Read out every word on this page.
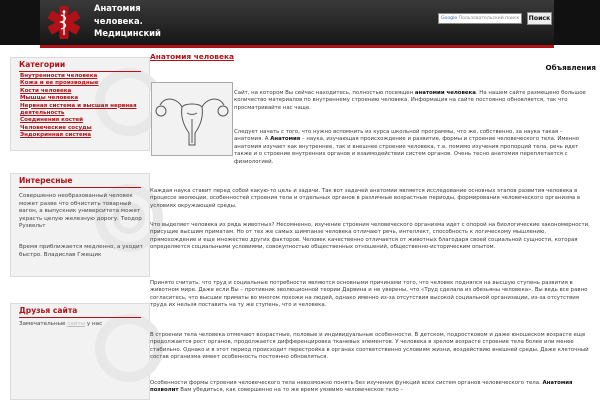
Анатомия
человека.
Медицинский
Google Пользовательский поиск	Поиск
Категории
Внутренности человека
Кожа и ее производные
Кости человека
Мышцы человека
Нервная система и высшая нервная деятельность
Соединения костей
Человеческие сосуды
Эндокринная система
Интересные
Совершенно необразованный человек может разве что обчистить товарный вагон, а выпускник университета может украсть целую железную дорогу. Теодор Рузвельт
Время приближается медленно, а уходит быстро. Владислав Гжещик
Друзья сайта
Замечательные сайты у нас
Анатомия человека
Объявления
Сайт, на котором Вы сейчас находитесь, полностью посвящен анатомии человека. На нашем сайте размещено большое количество материалов по внутреннему строению человека. Информация на сайте постоянно обновляется, так что просматривайте нас чаще.
Следует начать с того, что нужно вспомнить из курса школьной программы, что же, собственно, за наука такая – анатомия. А Анатомия – наука, изучающая происхождение и развитие, формы и строение человеческого тела. Именно анатомия изучает как внутреннее, так и внешнее строение человека, т.е. помимо изучения пропорций тела, речь идет также и о строение внутренних органов и взаимодействии систем органов. Очень тесно анатомия переплетается с физиологией.
Каждая наука ставит перед собой какую-то цель и задачи. Так вот задачей анатомии является исследование основных этапов развития человека в процессе эволюции, особенностей строения тела и отдельных органов в различные возрастные периоды, формирования человеческого организма в условиях окружающей среды.
Что выделяет человека из ряда животных? Несомненно, изучение строения человеческого организма идет с опорой на биологические закономерности, присущие высшим приматам. Но от тех же самых шимпанзе человека отличают речь, интеллект, способность к логическому мышлению, прямохождение и еще множество других факторов. Человек качественно отличается от животных благодаря своей социальной сущности, которая определяется социальными условиями, совокупностью общественных отношений, общественно-историческим опытом.
Принято считать, что труд и социальные потребности являются основными причинами того, что человек поднялся на высшую ступень развития в животном мире. Даже если Вы – противник эволюционной теории Дарвина и не уверены, что «Труд сделала из обезьяны человека», Вы ведь все равно согласитесь, что высшие приматы во многом похожи на людей, однако именно из-за отсутствия высокой социальной организации, из-за отсутствия труда их нельзя поставить на ту же ступень, что и человека.
В строении тела человека отмечают возрастные, половые и индивидуальные особенности. В детском, подростковом и даже юношеском возрасте еще продолжается рост органов, продолжается дифференцировка тканевых элементов. У человека в зрелом возрасте строение тела более или менее стабильно. Однако и в этот период происходит перестройка в органах соответственно условиям жизни, воздействию внешней среды. Даже клеточный состав организма имеет особенность постоянно обновляться.
Особенности формы строения человеческого тела невозможно понять без изучения функций всех систем органов человеческого тела. Анатомия позволит Вам убедиться, как совершенно на то же время уязвимо человеческое тело –
